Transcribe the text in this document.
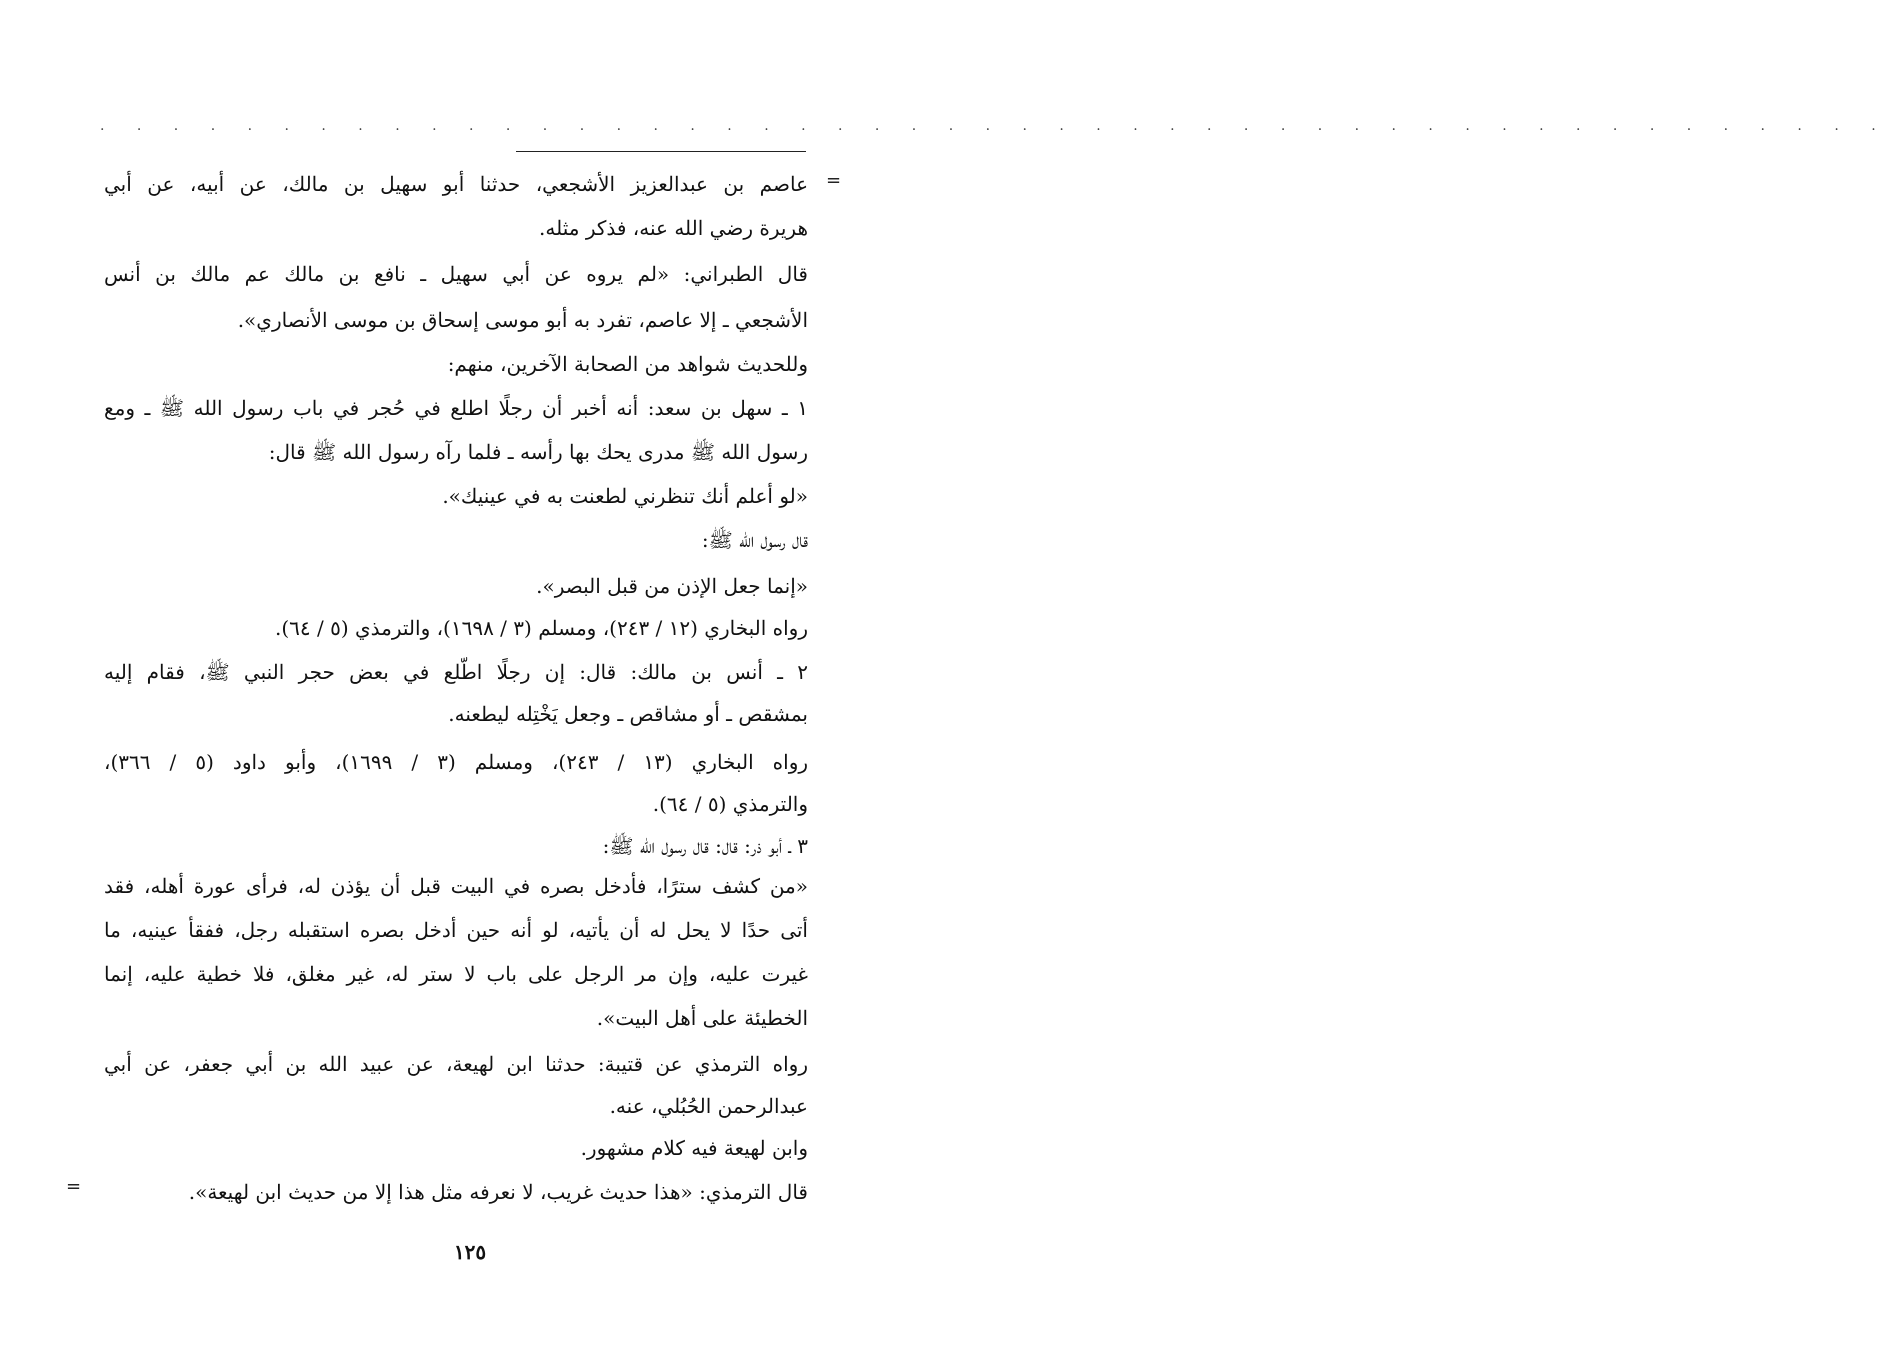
. . . . . . . . . . . . . . . . . . . . . . . . . . . . . . . . . . . . . . . . . . . . . . . . .
=
عاصم بن عبدالعزيز الأشجعي، حدثنا أبو سهيل بن مالك، عن أبيه، عن أبي
هريرة رضي الله عنه، فذكر مثله.
قال الطبراني: «لم يروه عن أبي سهيل ـ نافع بن مالك عم مالك بن أنس
الأشجعي ـ إلا عاصم، تفرد به أبو موسى إسحاق بن موسى الأنصاري».
وللحديث شواهد من الصحابة الآخرين، منهم:
١ ـ سهل بن سعد: أنه أخبر أن رجلًا اطلع في حُجر في باب رسول الله ﷺ ـ ومع
رسول الله ﷺ مدرى يحك بها رأسه ـ فلما رآه رسول الله ﷺ قال:
«لو أعلم أنك تنظرني لطعنت به في عينيك».
قال رسول الله ﷺ:
«إنما جعل الإذن من قبل البصر».
رواه البخاري (١٢ / ٢٤٣)، ومسلم (٣ / ١٦٩٨)، والترمذي (٥ / ٦٤).
٢ ـ أنس بن مالك: قال: إن رجلًا اطّلع في بعض حجر النبي ﷺ، فقام إليه
بمشقص ـ أو مشاقص ـ وجعل يَخْتِله ليطعنه.
رواه البخاري (١٣ / ٢٤٣)، ومسلم (٣ / ١٦٩٩)، وأبو داود (٥ / ٣٦٦)،
والترمذي (٥ / ٦٤).
٣ ـ أبو ذر: قال: قال رسول الله ﷺ:
«من كشف سترًا، فأدخل بصره في البيت قبل أن يؤذن له، فرأى عورة أهله، فقد
أتى حدًا لا يحل له أن يأتيه، لو أنه حين أدخل بصره استقبله رجل، ففقأ عينيه، ما
غيرت عليه، وإن مر الرجل على باب لا ستر له، غير مغلق، فلا خطية عليه، إنما
الخطيئة على أهل البيت».
رواه الترمذي عن قتيبة: حدثنا ابن لهيعة، عن عبيد الله بن أبي جعفر، عن أبي
عبدالرحمن الحُبُلي، عنه.
وابن لهيعة فيه كلام مشهور.
قال الترمذي: «هذا حديث غريب، لا نعرفه مثل هذا إلا من حديث ابن لهيعة».
=
١٢٥
